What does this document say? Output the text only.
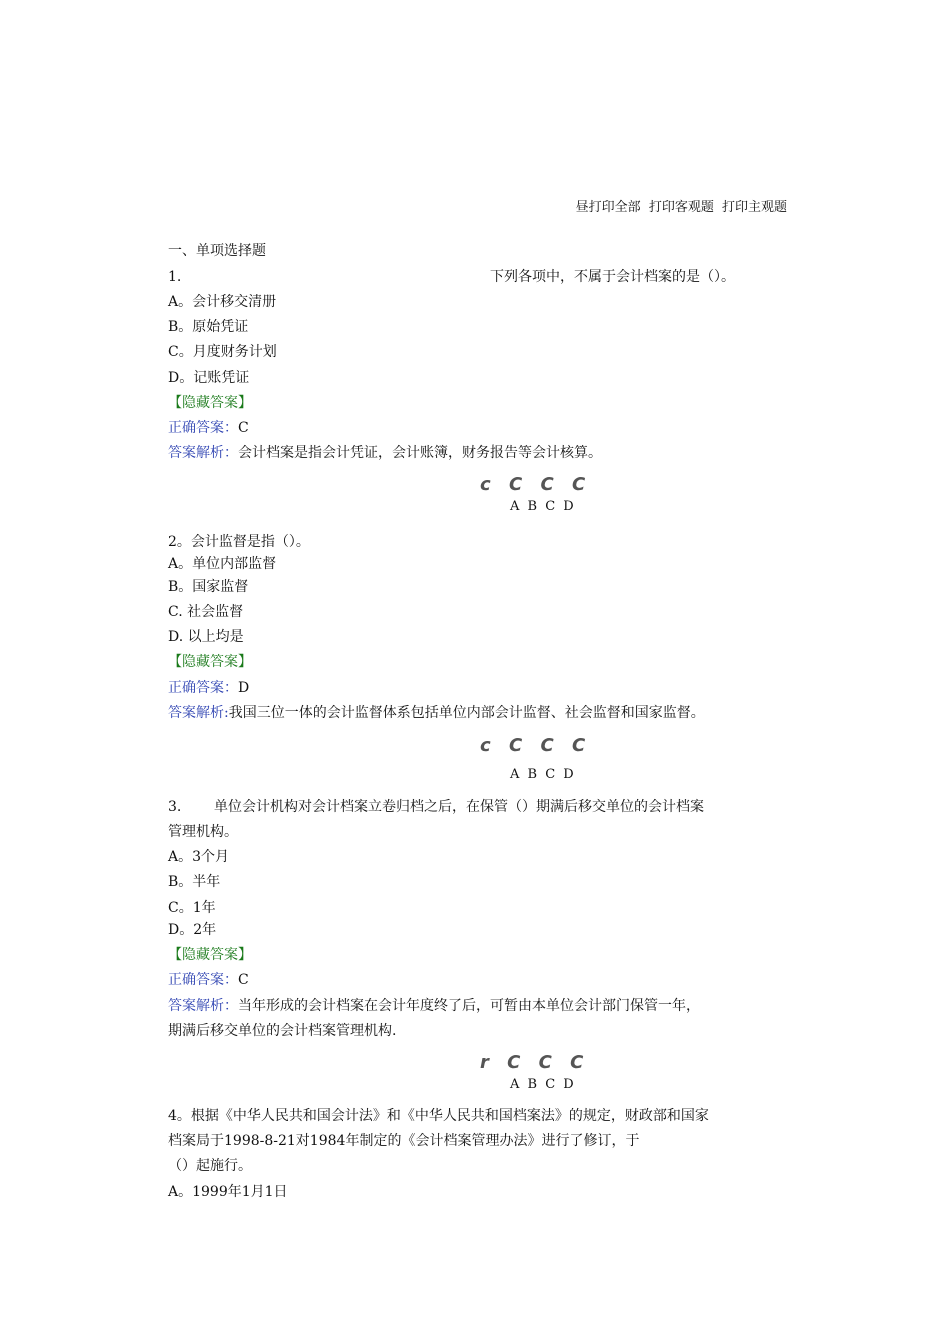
昼打印全部 打印客观题 打印主观题
一、单项选择题
1.	下列各项中，不属于会计档案的是（）。
A。会计移交清册
B。原始凭证
C。月度财务计划
D。记账凭证
【隐藏答案】
正确答案：C
答案解析：会计档案是指会计凭证，会计账簿，财务报告等会计核算。
c C C C
A B C D
2。会计监督是指（）。
A。单位内部监督
B。国家监督
C. 社会监督
D. 以上均是
【隐藏答案】
正确答案：D
答案解析:我国三位一体的会计监督体系包括单位内部会计监督、社会监督和国家监督。
c C C C
A B C D
3. 单位会计机构对会计档案立卷归档之后，在保管（）期满后移交单位的会计档案
管理机构。
A。3个月
B。半年
C。1年
D。2年
【隐藏答案】
正确答案：C
答案解析：当年形成的会计档案在会计年度终了后，可暂由本单位会计部门保管一年，
期满后移交单位的会计档案管理机构.
r C C C
A B C D
4。根据《中华人民共和国会计法》和《中华人民共和国档案法》的规定，财政部和国家
档案局于1998-8-21对1984年制定的《会计档案管理办法》进行了修订，于
（）起施行。
A。1999年1月1日
